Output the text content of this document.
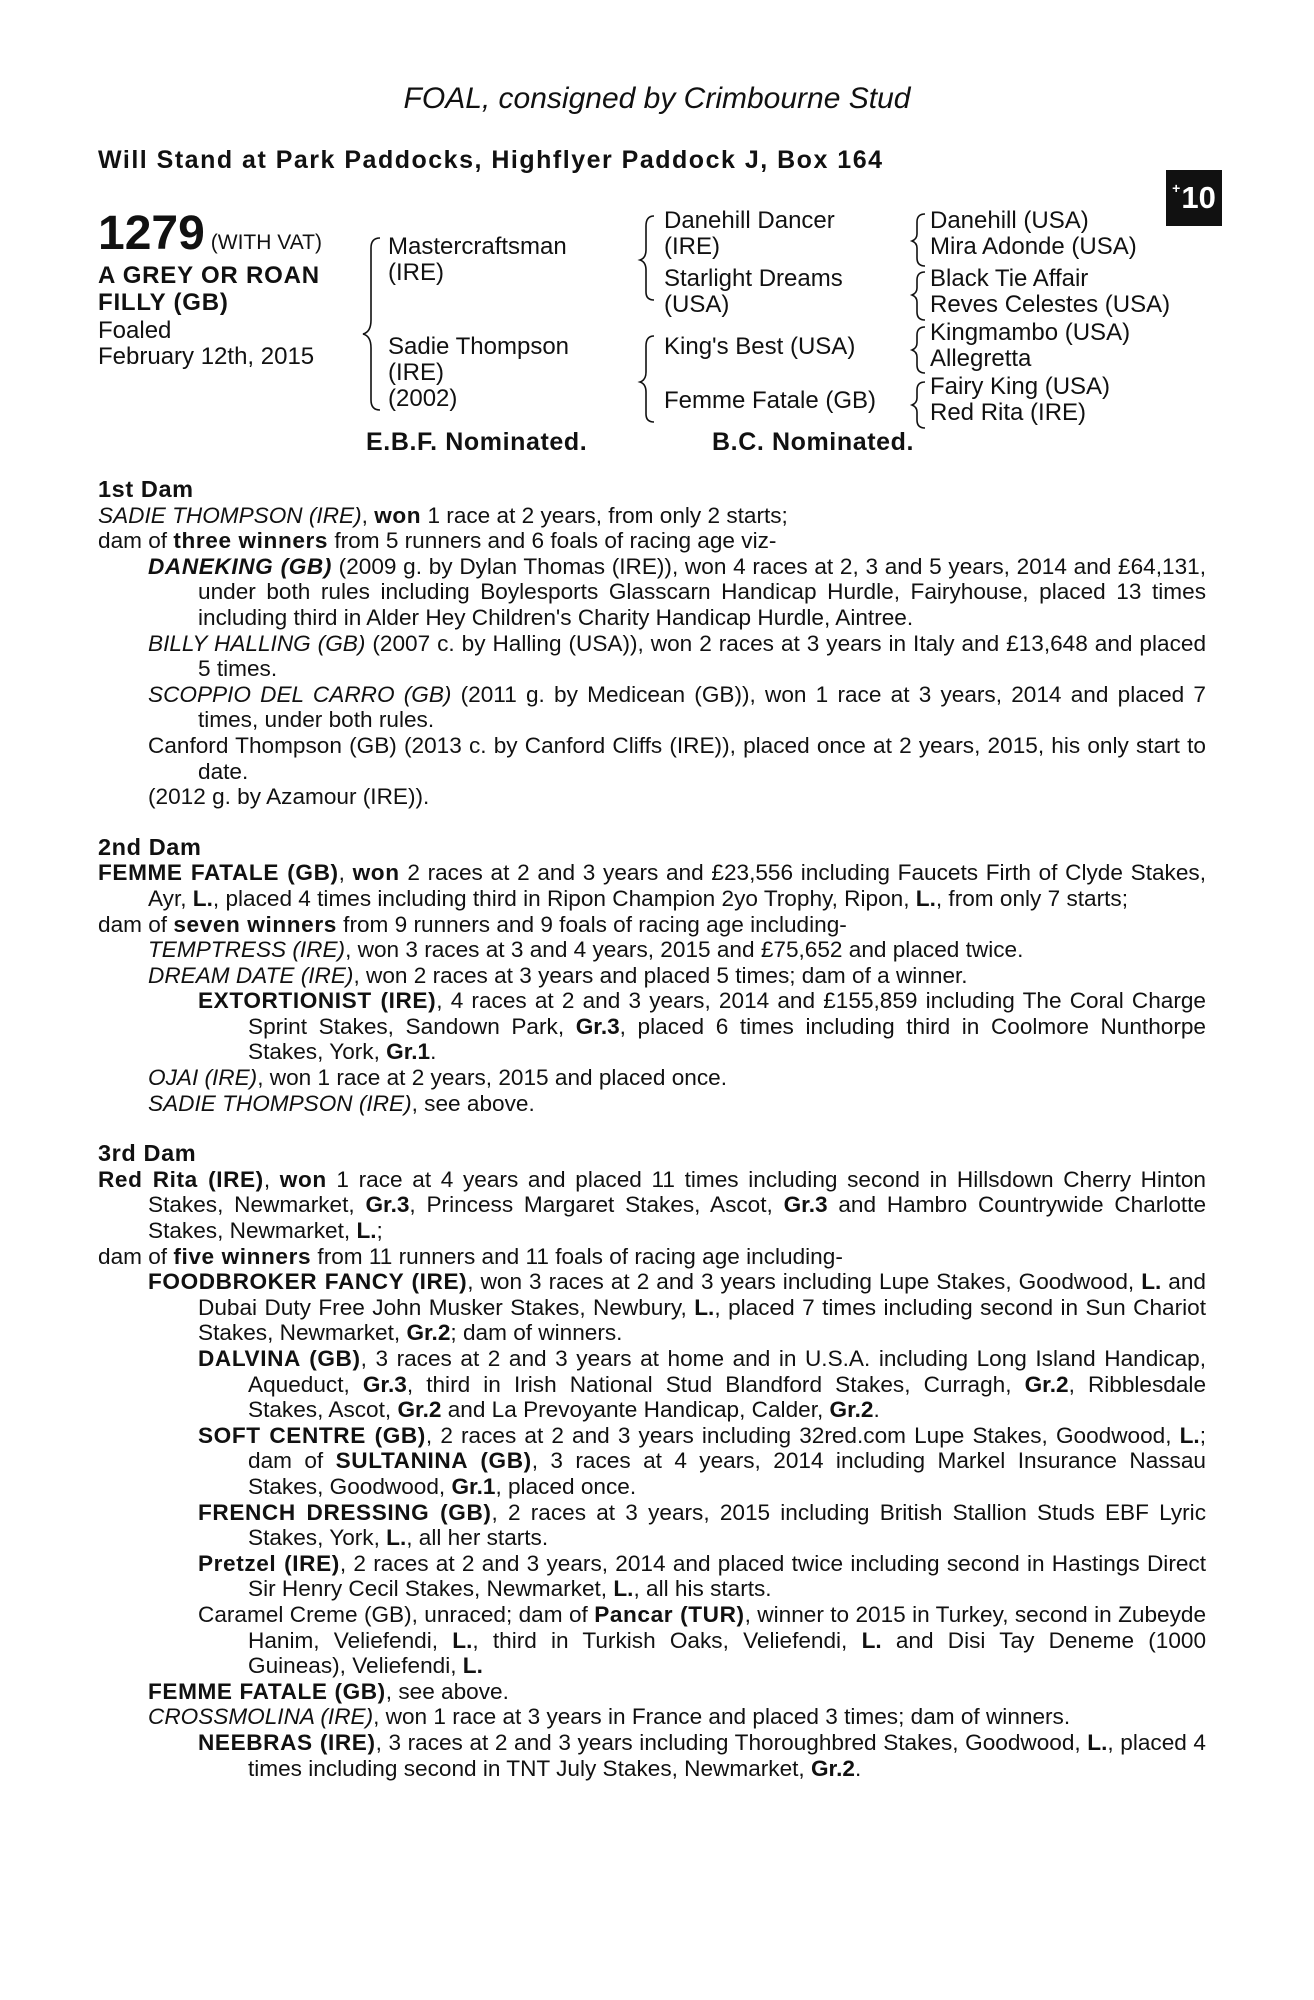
FOAL, consigned by Crimbourne Stud
Will Stand at Park Paddocks, Highflyer Paddock J, Box 164
+ 10
1279 (WITH VAT)
A GREY OR ROAN
FILLY (GB)
Foaled
February 12th, 2015
Mastercraftsman
(IRE)
Sadie Thompson
(IRE)
(2002)
Danehill Dancer
(IRE)
Starlight Dreams
(USA)
King's Best (USA)
Femme Fatale (GB)
Danehill (USA)
Mira Adonde (USA)
Black Tie Affair
Reves Celestes (USA)
Kingmambo (USA)
Allegretta
Fairy King (USA)
Red Rita (IRE)
E.B.F. Nominated.	B.C. Nominated.
1st Dam
SADIE THOMPSON (IRE), won 1 race at 2 years, from only 2 starts;
dam of three winners from 5 runners and 6 foals of racing age viz-
DANEKING (GB) (2009 g. by Dylan Thomas (IRE)), won 4 races at 2, 3 and 5 years, 2014 and £64,131, under both rules including Boylesports Glasscarn Handicap Hurdle, Fairyhouse, placed 13 times including third in Alder Hey Children's Charity Handicap Hurdle, Aintree.
BILLY HALLING (GB) (2007 c. by Halling (USA)), won 2 races at 3 years in Italy and £13,648 and placed 5 times.
SCOPPIO DEL CARRO (GB) (2011 g. by Medicean (GB)), won 1 race at 3 years, 2014 and placed 7 times, under both rules.
Canford Thompson (GB) (2013 c. by Canford Cliffs (IRE)), placed once at 2 years, 2015, his only start to date.
(2012 g. by Azamour (IRE)).
2nd Dam
FEMME FATALE (GB), won 2 races at 2 and 3 years and £23,556 including Faucets Firth of Clyde Stakes, Ayr, L., placed 4 times including third in Ripon Champion 2yo Trophy, Ripon, L., from only 7 starts;
dam of seven winners from 9 runners and 9 foals of racing age including-
TEMPTRESS (IRE), won 3 races at 3 and 4 years, 2015 and £75,652 and placed twice.
DREAM DATE (IRE), won 2 races at 3 years and placed 5 times; dam of a winner.
EXTORTIONIST (IRE), 4 races at 2 and 3 years, 2014 and £155,859 including The Coral Charge Sprint Stakes, Sandown Park, Gr.3, placed 6 times including third in Coolmore Nunthorpe Stakes, York, Gr.1.
OJAI (IRE), won 1 race at 2 years, 2015 and placed once.
SADIE THOMPSON (IRE), see above.
3rd Dam
Red Rita (IRE), won 1 race at 4 years and placed 11 times including second in Hillsdown Cherry Hinton Stakes, Newmarket, Gr.3, Princess Margaret Stakes, Ascot, Gr.3 and Hambro Countrywide Charlotte Stakes, Newmarket, L.;
dam of five winners from 11 runners and 11 foals of racing age including-
FOODBROKER FANCY (IRE), won 3 races at 2 and 3 years including Lupe Stakes, Goodwood, L. and Dubai Duty Free John Musker Stakes, Newbury, L., placed 7 times including second in Sun Chariot Stakes, Newmarket, Gr.2; dam of winners.
DALVINA (GB), 3 races at 2 and 3 years at home and in U.S.A. including Long Island Handicap, Aqueduct, Gr.3, third in Irish National Stud Blandford Stakes, Curragh, Gr.2, Ribblesdale Stakes, Ascot, Gr.2 and La Prevoyante Handicap, Calder, Gr.2.
SOFT CENTRE (GB), 2 races at 2 and 3 years including 32red.com Lupe Stakes, Goodwood, L.; dam of SULTANINA (GB), 3 races at 4 years, 2014 including Markel Insurance Nassau Stakes, Goodwood, Gr.1, placed once.
FRENCH DRESSING (GB), 2 races at 3 years, 2015 including British Stallion Studs EBF Lyric Stakes, York, L., all her starts.
Pretzel (IRE), 2 races at 2 and 3 years, 2014 and placed twice including second in Hastings Direct Sir Henry Cecil Stakes, Newmarket, L., all his starts.
Caramel Creme (GB), unraced; dam of Pancar (TUR), winner to 2015 in Turkey, second in Zubeyde Hanim, Veliefendi, L., third in Turkish Oaks, Veliefendi, L. and Disi Tay Deneme (1000 Guineas), Veliefendi, L.
FEMME FATALE (GB), see above.
CROSSMOLINA (IRE), won 1 race at 3 years in France and placed 3 times; dam of winners.
NEEBRAS (IRE), 3 races at 2 and 3 years including Thoroughbred Stakes, Goodwood, L., placed 4 times including second in TNT July Stakes, Newmarket, Gr.2.
